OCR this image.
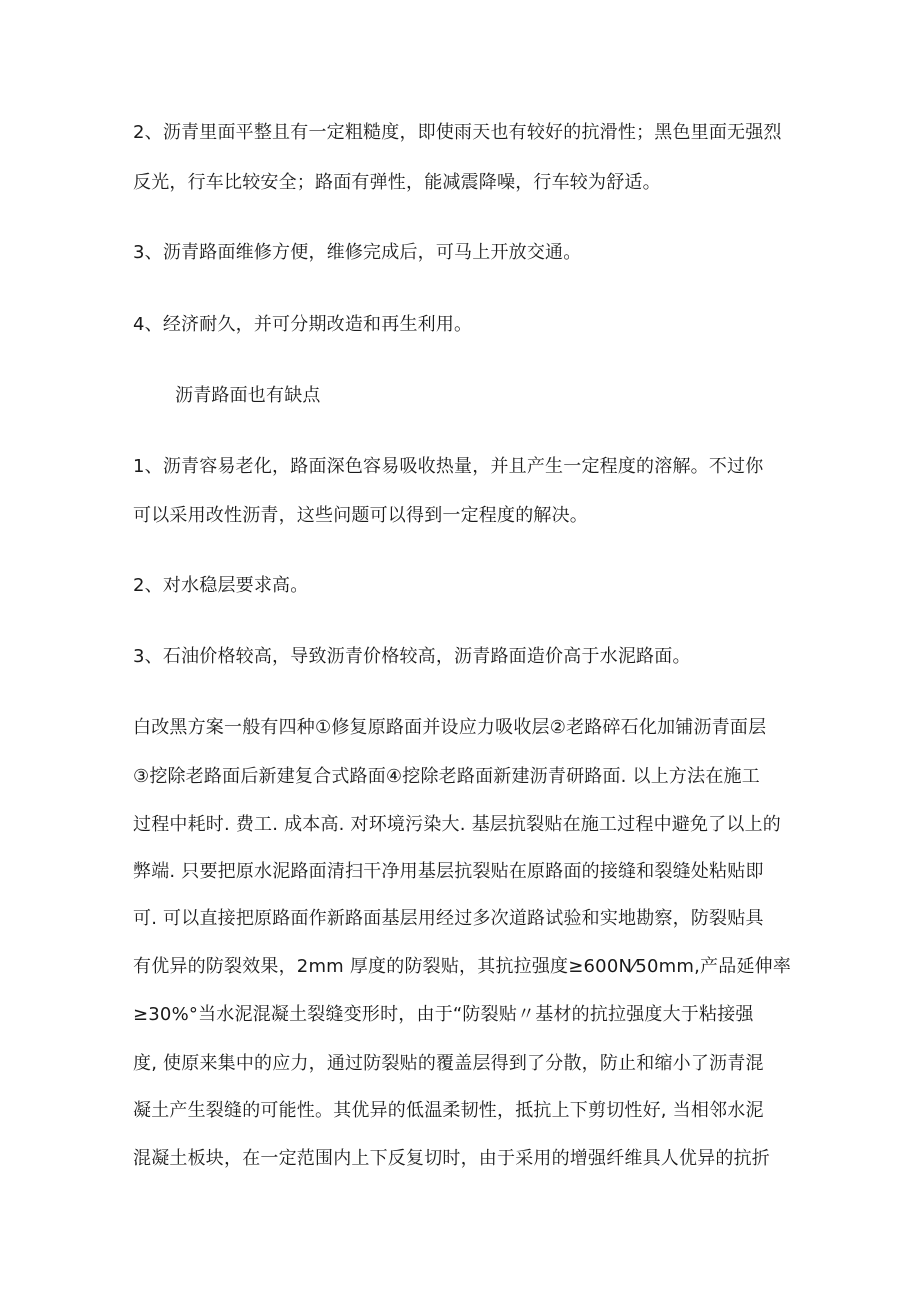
2、沥青里面平整且有一定粗糙度，即使雨天也有较好的抗滑性；黑色里面无强烈
反光，行车比较安全；路面有弹性，能减震降噪，行车较为舒适。
3、沥青路面维修方便，维修完成后，可马上开放交通。
4、经济耐久，并可分期改造和再生利用。
沥青路面也有缺点
1、沥青容易老化，路面深色容易吸收热量，并且产生一定程度的溶解。不过你
可以采用改性沥青，这些问题可以得到一定程度的解决。
2、对水稳层要求高。
3、石油价格较高，导致沥青价格较高，沥青路面造价高于水泥路面。
白改黑方案一般有四种①修复原路面并设应力吸收层②老路碎石化加铺沥青面层
③挖除老路面后新建复合式路面④挖除老路面新建沥青研路面. 以上方法在施工
过程中耗时. 费工. 成本高. 对环境污染大. 基层抗裂贴在施工过程中避免了以上的
弊端. 只要把原水泥路面清扫干净用基层抗裂贴在原路面的接缝和裂缝处粘贴即
可. 可以直接把原路面作新路面基层用经过多次道路试验和实地勘察，防裂贴具
有优异的防裂效果，2mm 厚度的防裂贴，其抗拉强度≥600N⁄50mm,产品延伸率
≥30%°当水泥混凝土裂缝变形时，由于“防裂贴〃基材的抗拉强度大于粘接强
度, 使原来集中的应力，通过防裂贴的覆盖层得到了分散，防止和缩小了沥青混
凝土产生裂缝的可能性。其优异的低温柔韧性，抵抗上下剪切性好, 当相邻水泥
混凝土板块，在一定范围内上下反复切时，由于采用的增强纤维具人优异的抗折
